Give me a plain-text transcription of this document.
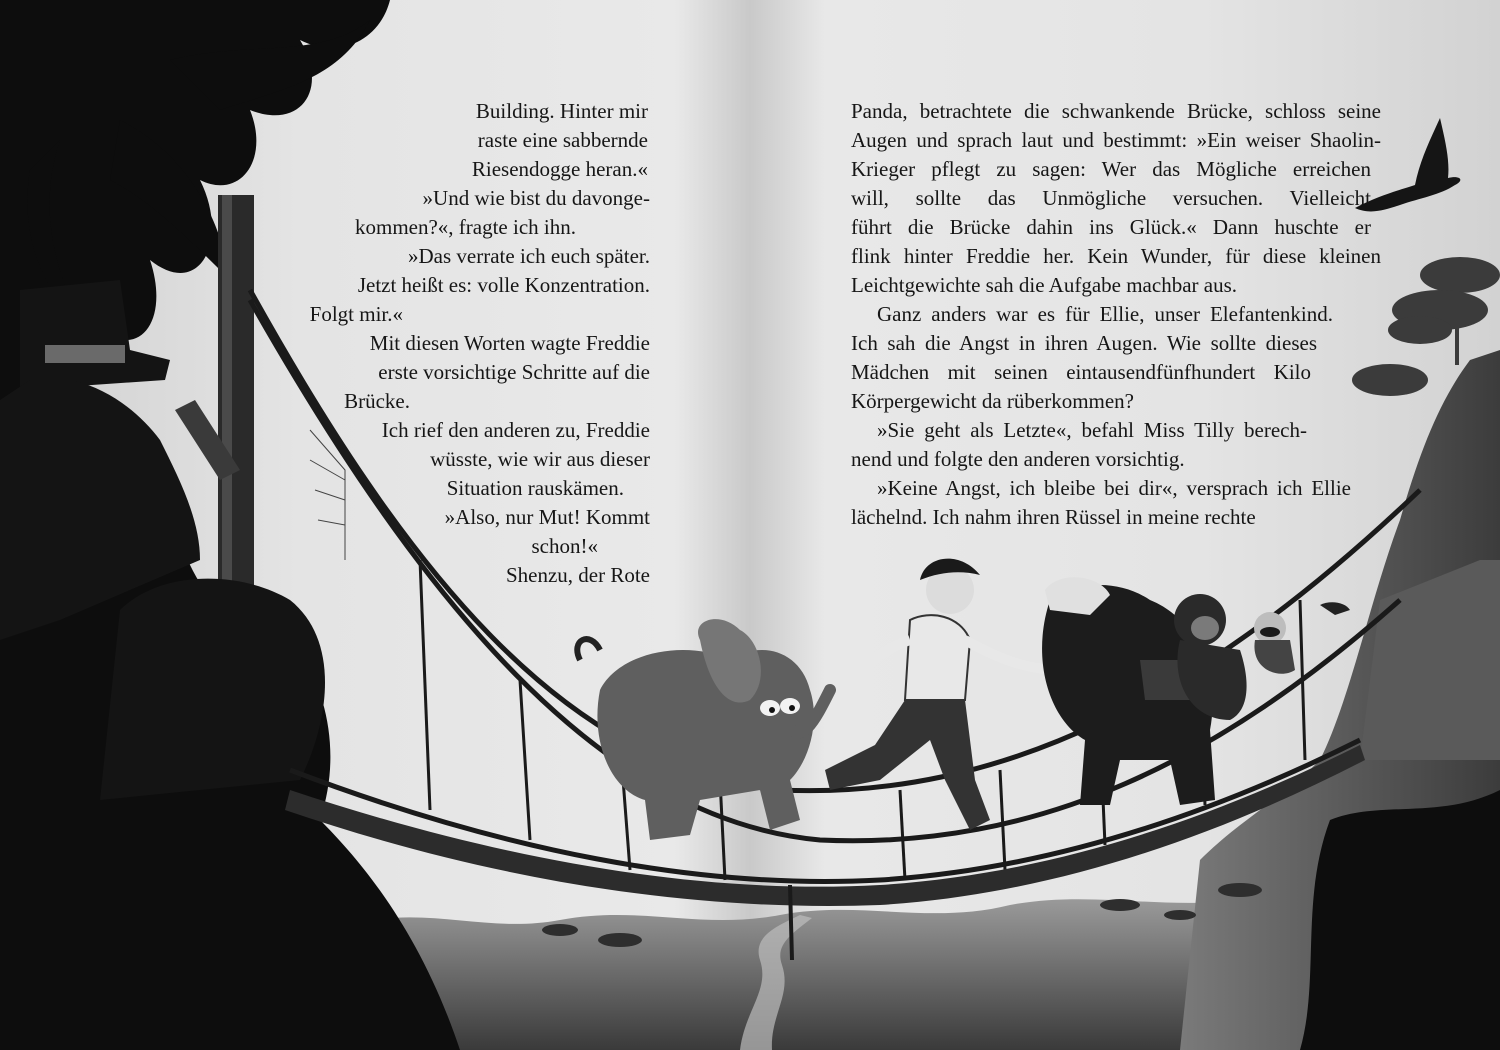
Building. Hinter mir
raste eine sabbernde
Riesendogge heran.«
»Und wie bist du davonge-
kommen?«, fragte ich ihn.
»Das verrate ich euch später.
Jetzt heißt es: volle Konzentration.
Folgt mir.«
Mit diesen Worten wagte Freddie
erste vorsichtige Schritte auf die
Brücke.
Ich rief den anderen zu, Freddie
wüsste, wie wir aus dieser
Situation rauskämen.
»Also, nur Mut! Kommt
schon!«
Shenzu, der Rote
Panda, betrachtete die schwankende Brücke, schloss seine
Augen und sprach laut und bestimmt: »Ein weiser Shaolin-
Krieger pflegt zu sagen: Wer das Mögliche erreichen
will, sollte das Unmögliche versuchen. Vielleicht
führt die Brücke dahin ins Glück.« Dann huschte er
flink hinter Freddie her. Kein Wunder, für diese kleinen
Leichtgewichte sah die Aufgabe machbar aus.
Ganz anders war es für Ellie, unser Elefantenkind.
Ich sah die Angst in ihren Augen. Wie sollte dieses
Mädchen mit seinen eintausendfünfhundert Kilo
Körpergewicht da rüberkommen?
»Sie geht als Letzte«, befahl Miss Tilly berech-
nend und folgte den anderen vorsichtig.
»Keine Angst, ich bleibe bei dir«, versprach ich Ellie
lächelnd. Ich nahm ihren Rüssel in meine rechte
